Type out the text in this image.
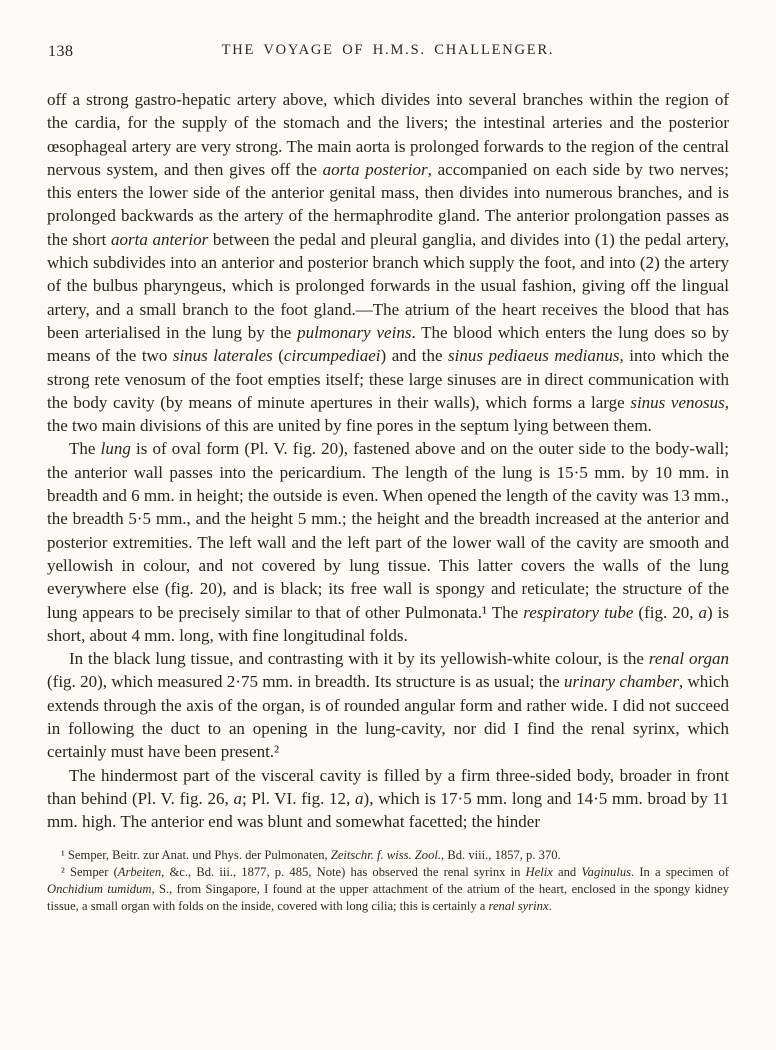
138	THE VOYAGE OF H.M.S. CHALLENGER.

off a strong gastro-hepatic artery above, which divides into several branches within the region of the cardia, for the supply of the stomach and the livers; the intestinal arteries and the posterior œsophageal artery are very strong. The main aorta is prolonged forwards to the region of the central nervous system, and then gives off the aorta posterior, accompanied on each side by two nerves; this enters the lower side of the anterior genital mass, then divides into numerous branches, and is prolonged backwards as the artery of the hermaphrodite gland. The anterior prolongation passes as the short aorta anterior between the pedal and pleural ganglia, and divides into (1) the pedal artery, which subdivides into an anterior and posterior branch which supply the foot, and into (2) the artery of the bulbus pharyngeus, which is prolonged forwards in the usual fashion, giving off the lingual artery, and a small branch to the foot gland.—The atrium of the heart receives the blood that has been arterialised in the lung by the pulmonary veins. The blood which enters the lung does so by means of the two sinus laterales (circumpediaei) and the sinus pediaeus medianus, into which the strong rete venosum of the foot empties itself; these large sinuses are in direct communication with the body cavity (by means of minute apertures in their walls), which forms a large sinus venosus, the two main divisions of this are united by fine pores in the septum lying between them.

The lung is of oval form (Pl. V. fig. 20), fastened above and on the outer side to the body-wall; the anterior wall passes into the pericardium. The length of the lung is 15·5 mm. by 10 mm. in breadth and 6 mm. in height; the outside is even. When opened the length of the cavity was 13 mm., the breadth 5·5 mm., and the height 5 mm.; the height and the breadth increased at the anterior and posterior extremities. The left wall and the left part of the lower wall of the cavity are smooth and yellowish in colour, and not covered by lung tissue. This latter covers the walls of the lung everywhere else (fig. 20), and is black; its free wall is spongy and reticulate; the structure of the lung appears to be precisely similar to that of other Pulmonata.¹ The respiratory tube (fig. 20, a) is short, about 4 mm. long, with fine longitudinal folds.

In the black lung tissue, and contrasting with it by its yellowish-white colour, is the renal organ (fig. 20), which measured 2·75 mm. in breadth. Its structure is as usual; the urinary chamber, which extends through the axis of the organ, is of rounded angular form and rather wide. I did not succeed in following the duct to an opening in the lung-cavity, nor did I find the renal syrinx, which certainly must have been present.²

The hindermost part of the visceral cavity is filled by a firm three-sided body, broader in front than behind (Pl. V. fig. 26, a; Pl. VI. fig. 12, a), which is 17·5 mm. long and 14·5 mm. broad by 11 mm. high. The anterior end was blunt and somewhat facetted; the hinder

¹ Semper, Beitr. zur Anat. und Phys. der Pulmonaten, Zeitschr. f. wiss. Zool., Bd. viii., 1857, p. 370.

² Semper (Arbeiten, &c., Bd. iii., 1877, p. 485, Note) has observed the renal syrinx in Helix and Vaginulus. In a specimen of Onchidium tumidum, S., from Singapore, I found at the upper attachment of the atrium of the heart, enclosed in the spongy kidney tissue, a small organ with folds on the inside, covered with long cilia; this is certainly a renal syrinx.
